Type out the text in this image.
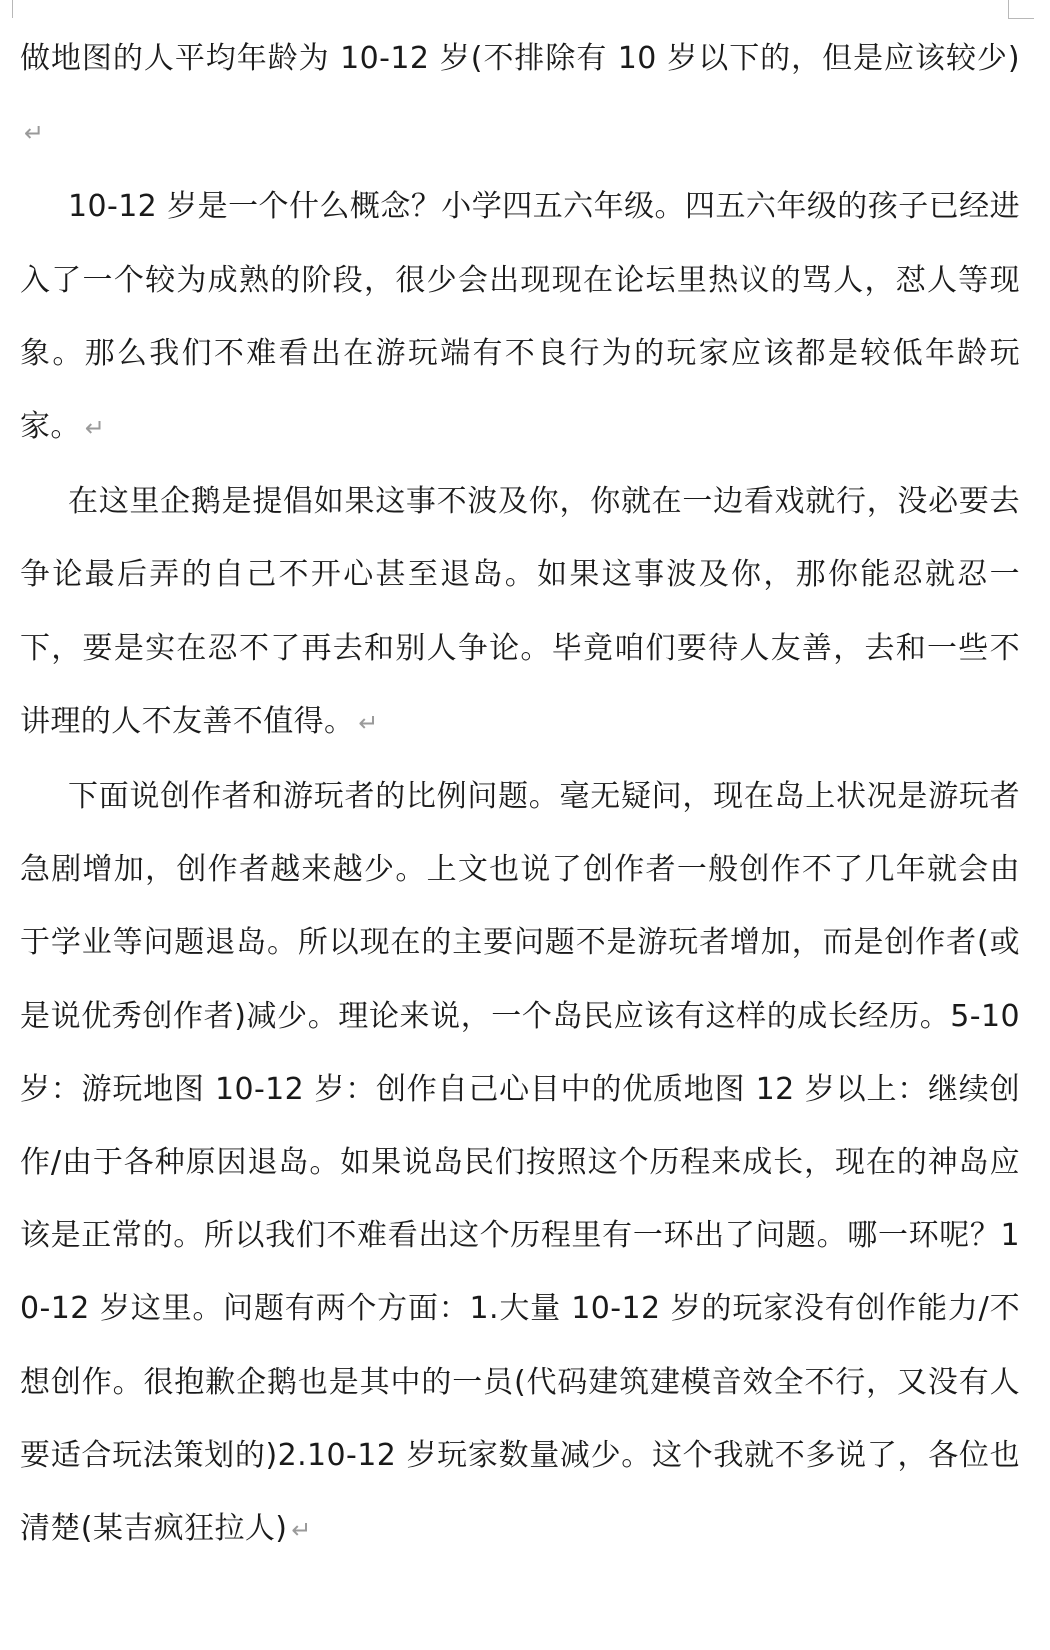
做地图的人平均年龄为 10-12 岁(不排除有 10 岁以下的，但是应该较少)↵

10-12 岁是一个什么概念？小学四五六年级。四五六年级的孩子已经进入了一个较为成熟的阶段，很少会出现现在论坛里热议的骂人，怼人等现象。那么我们不难看出在游玩端有不良行为的玩家应该都是较低年龄玩家。 ↵

在这里企鹅是提倡如果这事不波及你，你就在一边看戏就行，没必要去争论最后弄的自己不开心甚至退岛。如果这事波及你，那你能忍就忍一下，要是实在忍不了再去和别人争论。毕竟咱们要待人友善，去和一些不讲理的人不友善不值得。 ↵

下面说创作者和游玩者的比例问题。毫无疑问，现在岛上状况是游玩者急剧增加，创作者越来越少。上文也说了创作者一般创作不了几年就会由于学业等问题退岛。所以现在的主要问题不是游玩者增加，而是创作者(或是说优秀创作者)减少。理论来说，一个岛民应该有这样的成长经历。5-10 岁：游玩地图 10-12 岁：创作自己心目中的优质地图 12 岁以上：继续创作/由于各种原因退岛。如果说岛民们按照这个历程来成长，现在的神岛应该是正常的。所以我们不难看出这个历程里有一环出了问题。哪一环呢？10-12 岁这里。问题有两个方面：1.大量 10-12 岁的玩家没有创作能力/不想创作。很抱歉企鹅也是其中的一员(代码建筑建模音效全不行，又没有人要适合玩法策划的)2.10-12 岁玩家数量减少。这个我就不多说了，各位也清楚(某吉疯狂拉人) ↵
